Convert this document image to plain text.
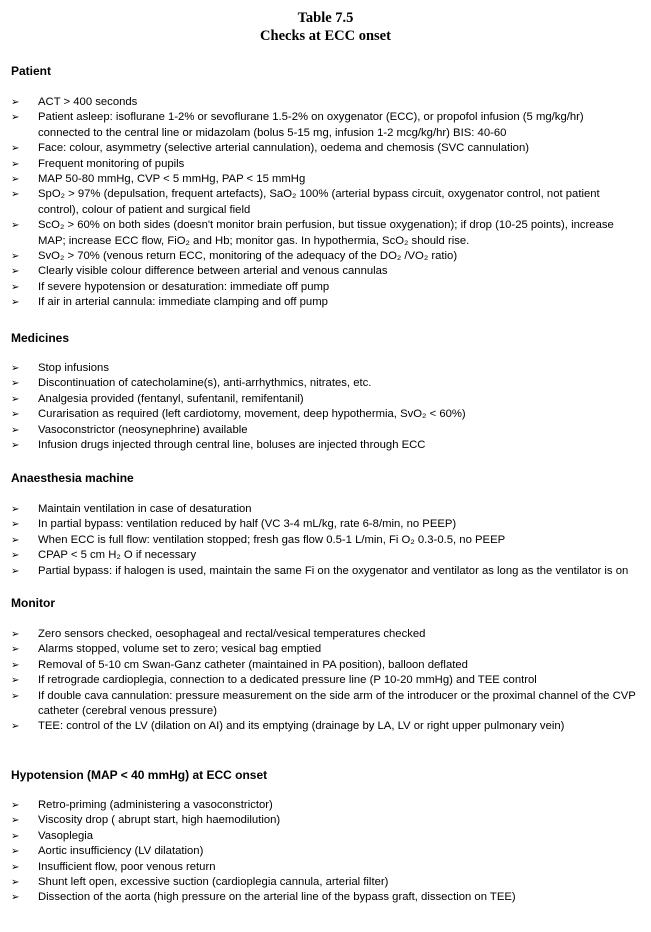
Table 7.5
Checks at ECC onset
Patient
➢ ACT > 400 seconds
➢ Patient asleep: isoflurane 1-2% or sevoflurane 1.5-2% on oxygenator (ECC), or propofol infusion (5 mg/kg/hr) connected to the central line or midazolam (bolus 5-15 mg, infusion 1-2 mcg/kg/hr) BIS: 40-60
➢ Face: colour, asymmetry (selective arterial cannulation), oedema and chemosis (SVC cannulation)
➢ Frequent monitoring of pupils
➢ MAP 50-80 mmHg, CVP < 5 mmHg, PAP < 15 mmHg
➢ SpO₂ > 97% (depulsation, frequent artefacts), SaO₂ 100% (arterial bypass circuit, oxygenator control, not patient control), colour of patient and surgical field
➢ ScO₂ > 60% on both sides (doesn't monitor brain perfusion, but tissue oxygenation); if drop (10-25 points), increase MAP; increase ECC flow, FiO₂ and Hb; monitor gas. In hypothermia, ScO₂ should rise.
➢ SvO₂ > 70% (venous return ECC, monitoring of the adequacy of the DO₂ /VO₂ ratio)
➢ Clearly visible colour difference between arterial and venous cannulas
➢ If severe hypotension or desaturation: immediate off pump
➢ If air in arterial cannula: immediate clamping and off pump
Medicines
➢ Stop infusions
➢ Discontinuation of catecholamine(s), anti-arrhythmics, nitrates, etc.
➢ Analgesia provided (fentanyl, sufentanil, remifentanil)
➢ Curarisation as required (left cardiotomy, movement, deep hypothermia, SvO₂ < 60%)
➢ Vasoconstrictor (neosynephrine) available
➢ Infusion drugs injected through central line, boluses are injected through ECC
Anaesthesia machine
➢ Maintain ventilation in case of desaturation
➢ In partial bypass: ventilation reduced by half (VC 3-4 mL/kg, rate 6-8/min, no PEEP)
➢ When ECC is full flow: ventilation stopped; fresh gas flow 0.5-1 L/min, Fi O₂ 0.3-0.5, no PEEP
➢ CPAP < 5 cm H₂ O if necessary
➢ Partial bypass: if halogen is used, maintain the same Fi on the oxygenator and ventilator as long as the ventilator is on
Monitor
➢ Zero sensors checked, oesophageal and rectal/vesical temperatures checked
➢ Alarms stopped, volume set to zero; vesical bag emptied
➢ Removal of 5-10 cm Swan-Ganz catheter (maintained in PA position), balloon deflated
➢ If retrograde cardioplegia, connection to a dedicated pressure line (P 10-20 mmHg) and TEE control
➢ If double cava cannulation: pressure measurement on the side arm of the introducer or the proximal channel of the CVP catheter (cerebral venous pressure)
➢ TEE: control of the LV (dilation on AI) and its emptying (drainage by LA, LV or right upper pulmonary vein)
Hypotension (MAP < 40 mmHg) at ECC onset
➢ Retro-priming (administering a vasoconstrictor)
➢ Viscosity drop ( abrupt start, high haemodilution)
➢ Vasoplegia
➢ Aortic insufficiency (LV dilatation)
➢ Insufficient flow, poor venous return
➢ Shunt left open, excessive suction (cardioplegia cannula, arterial filter)
➢ Dissection of the aorta (high pressure on the arterial line of the bypass graft, dissection on TEE)
